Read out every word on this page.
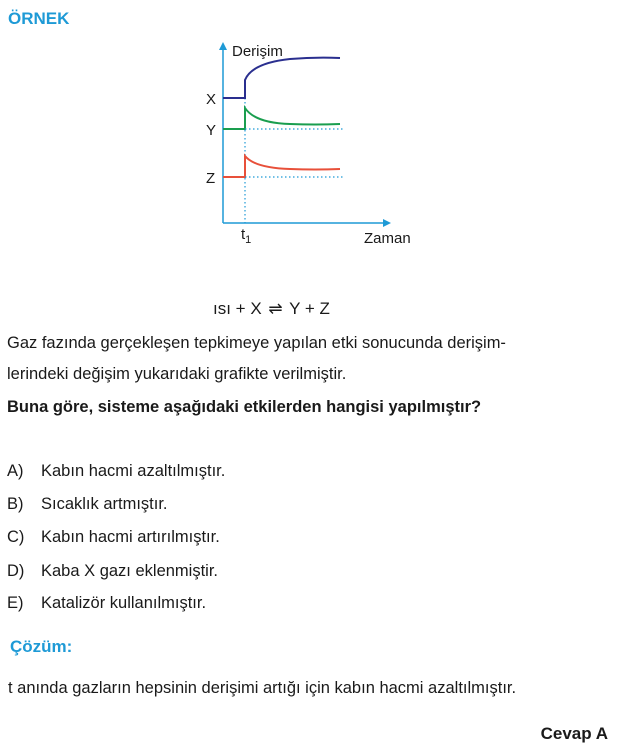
ÖRNEK
Derişim
X
Y
Z
$t_1$	Zaman
ısı + X ⇌ Y + Z
Gaz fazında gerçekleşen tepkimeye yapılan etki sonucunda derişim-
lerindeki değişim yukarıdaki grafikte verilmiştir.
Buna göre, sisteme aşağıdaki etkilerden hangisi yapılmıştır?
A) Kabın hacmi azaltılmıştır.
B) Sıcaklık artmıştır.
C) Kabın hacmi artırılmıştır.
D) Kaba X gazı eklenmiştir.
E) Katalizör kullanılmıştır.
Çözüm:
t anında gazların hepsinin derişimi artığı için kabın hacmi azaltılmıştır.
Cevap A
